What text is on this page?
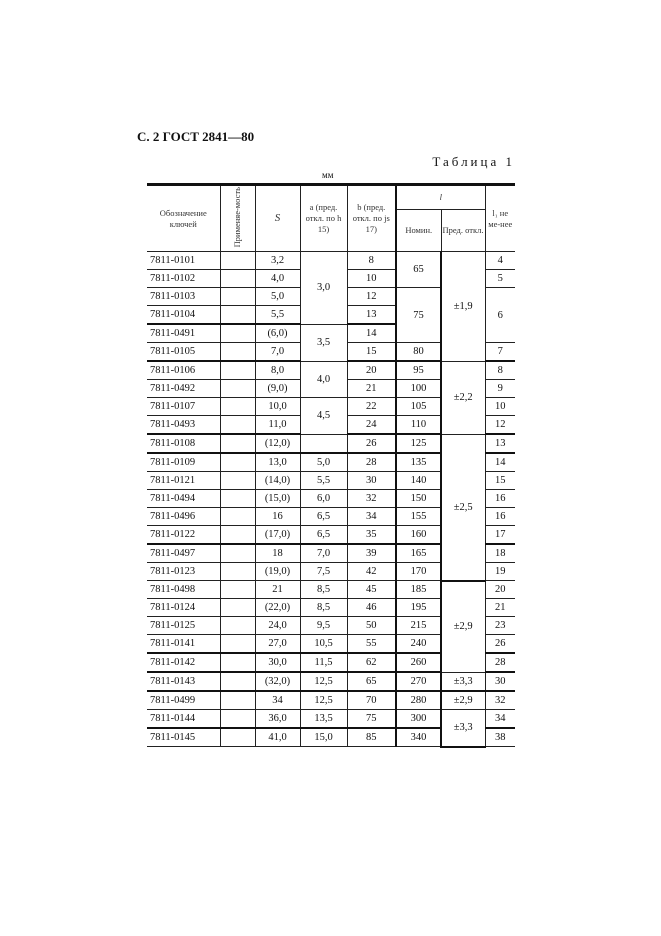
С. 2 ГОСТ 2841—80
Таблица 1
мм
Обозначение ключей	Применяе-мость	S	a (пред. откл. по h 15)	b (пред. откл. по js 17)	l		l₁ не ме-нее
					Номин.	Пред. откл.	
7811-0101		3,2	3,0	8	65	±1,9	4
7811-0102		4,0		10			5
7811-0103		5,0		12	75		6
7811-0104		5,5		13			
7811-0491		(6,0)	3,5	14			
7811-0105		7,0		15	80		7
7811-0106		8,0	4,0	20	95	±2,2	8
7811-0492		(9,0)		21	100		9
7811-0107		10,0	4,5	22	105		10
7811-0493		11,0		24	110		12
7811-0108		(12,0)		26	125	±2,5	13
7811-0109		13,0	5,0	28	135		14
7811-0121		(14,0)	5,5	30	140		15
7811-0494		(15,0)	6,0	32	150		16
7811-0496		16	6,5	34	155		16
7811-0122		(17,0)	6,5	35	160		17
7811-0497		18	7,0	39	165		18
7811-0123		(19,0)	7,5	42	170		19
7811-0498		21	8,5	45	185	±2,9	20
7811-0124		(22,0)	8,5	46	195		21
7811-0125		24,0	9,5	50	215		23
7811-0141		27,0	10,5	55	240		26
7811-0142		30,0	11,5	62	260		28
7811-0143		(32,0)	12,5	65	270	±3,3	30
7811-0499		34	12,5	70	280	±2,9	32
7811-0144		36,0	13,5	75	300	±3,3	34
7811-0145		41,0	15,0	85	340		38
